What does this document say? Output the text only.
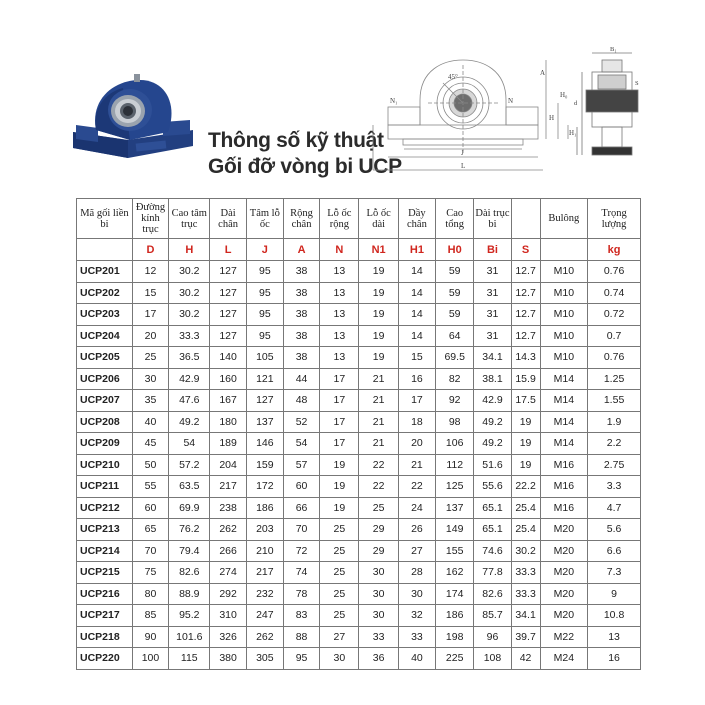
Thông số kỹ thuật
Gối đỡ vòng bi UCP
45°
N₁	N
J
L
A
H
H₀
H₁
B₁
S
d
Mã gối liền bi	Đường kính trục	Cao tâm trục	Dài chân	Tâm lỗ ốc	Rộng chân	Lỗ ốc rộng	Lỗ ốc dài	Dầy chân	Cao tổng	Dài trục bi		Bulông	Trọng lượng
	D	H	L	J	A	N	N1	H1	H0	Bi	S		kg
UCP201	12	30.2	127	95	38	13	19	14	59	31	12.7	M10	0.76
UCP202	15	30.2	127	95	38	13	19	14	59	31	12.7	M10	0.74
UCP203	17	30.2	127	95	38	13	19	14	59	31	12.7	M10	0.72
UCP204	20	33.3	127	95	38	13	19	14	64	31	12.7	M10	0.7
UCP205	25	36.5	140	105	38	13	19	15	69.5	34.1	14.3	M10	0.76
UCP206	30	42.9	160	121	44	17	21	16	82	38.1	15.9	M14	1.25
UCP207	35	47.6	167	127	48	17	21	17	92	42.9	17.5	M14	1.55
UCP208	40	49.2	180	137	52	17	21	18	98	49.2	19	M14	1.9
UCP209	45	54	189	146	54	17	21	20	106	49.2	19	M14	2.2
UCP210	50	57.2	204	159	57	19	22	21	112	51.6	19	M16	2.75
UCP211	55	63.5	217	172	60	19	22	22	125	55.6	22.2	M16	3.3
UCP212	60	69.9	238	186	66	19	25	24	137	65.1	25.4	M16	4.7
UCP213	65	76.2	262	203	70	25	29	26	149	65.1	25.4	M20	5.6
UCP214	70	79.4	266	210	72	25	29	27	155	74.6	30.2	M20	6.6
UCP215	75	82.6	274	217	74	25	30	28	162	77.8	33.3	M20	7.3
UCP216	80	88.9	292	232	78	25	30	30	174	82.6	33.3	M20	9
UCP217	85	95.2	310	247	83	25	30	32	186	85.7	34.1	M20	10.8
UCP218	90	101.6	326	262	88	27	33	33	198	96	39.7	M22	13
UCP220	100	115	380	305	95	30	36	40	225	108	42	M24	16
